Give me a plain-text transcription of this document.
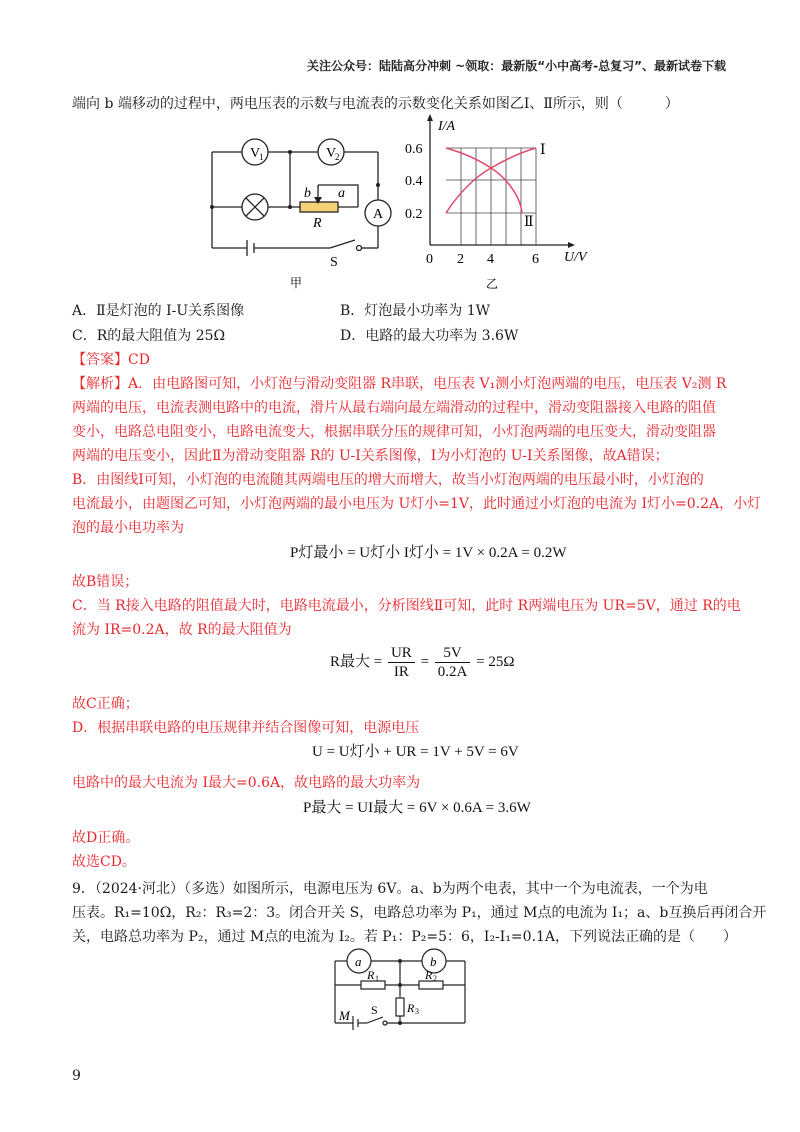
关注公众号：陆陆高分冲刺 ~领取：最新版“小中高考-总复习”、最新试卷下载
端向 b 端移动的过程中，两电压表的示数与电流表的示数变化关系如图乙Ⅰ、Ⅱ所示，则（　　　）
V
1	V
2
A
b a
R
S
甲
I/A
U/V
0
0.2
0.4
0.6
2 4	6
Ⅰ
Ⅱ
乙
A．Ⅱ是灯泡的 I-U关系图像	B．灯泡最小功率为 1W
C．R的最大阻值为 25Ω	D．电路的最大功率为 3.6W
【答案】CD
【解析】A．由电路图可知，小灯泡与滑动变阻器 R串联，电压表 V₁测小灯泡两端的电压，电压表 V₂测 R
两端的电压，电流表测电路中的电流，滑片从最右端向最左端滑动的过程中，滑动变阻器接入电路的阻值
变小，电路总电阻变小，电路电流变大，根据串联分压的规律可知，小灯泡两端的电压变大，滑动变阻器
两端的电压变小，因此Ⅱ为滑动变阻器 R的 U-I关系图像，Ⅰ为小灯泡的 U-I关系图像，故A错误；
B．由图线Ⅰ可知，小灯泡的电流随其两端电压的增大而增大，故当小灯泡两端的电压最小时，小灯泡的
电流最小，由题图乙可知，小灯泡两端的最小电压为 U灯小=1V，此时通过小灯泡的电流为 I灯小=0.2A，小灯
泡的最小电功率为
P灯最小 = U灯小 I灯小 = 1V × 0.2A = 0.2W
故B错误；
C．当 R接入电路的阻值最大时，电路电流最小，分析图线Ⅱ可知，此时 R两端电压为 UR=5V，通过 R的电
流为 IR=0.2A，故 R的最大阻值为
R最大 = $\frac{UR}{IR} = \frac{5V}{0.2A} = 25\Omega$
故C正确；
D．根据串联电路的电压规律并结合图像可知，电源电压
U = U灯小 + UR = 1V + 5V = 6V
电路中的最大电流为 I最大=0.6A，故电路的最大功率为
P最大 = UI最大 = 6V × 0.6A = 3.6W
故D正确。
故选CD。
9．（2024·河北）（多选）如图所示，电源电压为 6V。a、b为两个电表，其中一个为电流表，一个为电
压表。R₁=10Ω，R₂：R₃=2：3。闭合开关 S，电路总功率为 P₁，通过 M点的电流为 I₁；a、b互换后再闭合开
关，电路总功率为 P₂，通过 M点的电流为 I₂。若 P₁：P₂=5：6，I₂-I₁=0.1A，下列说法正确的是（　　）
a	b
R 1	R 2
R 3
M S
9
